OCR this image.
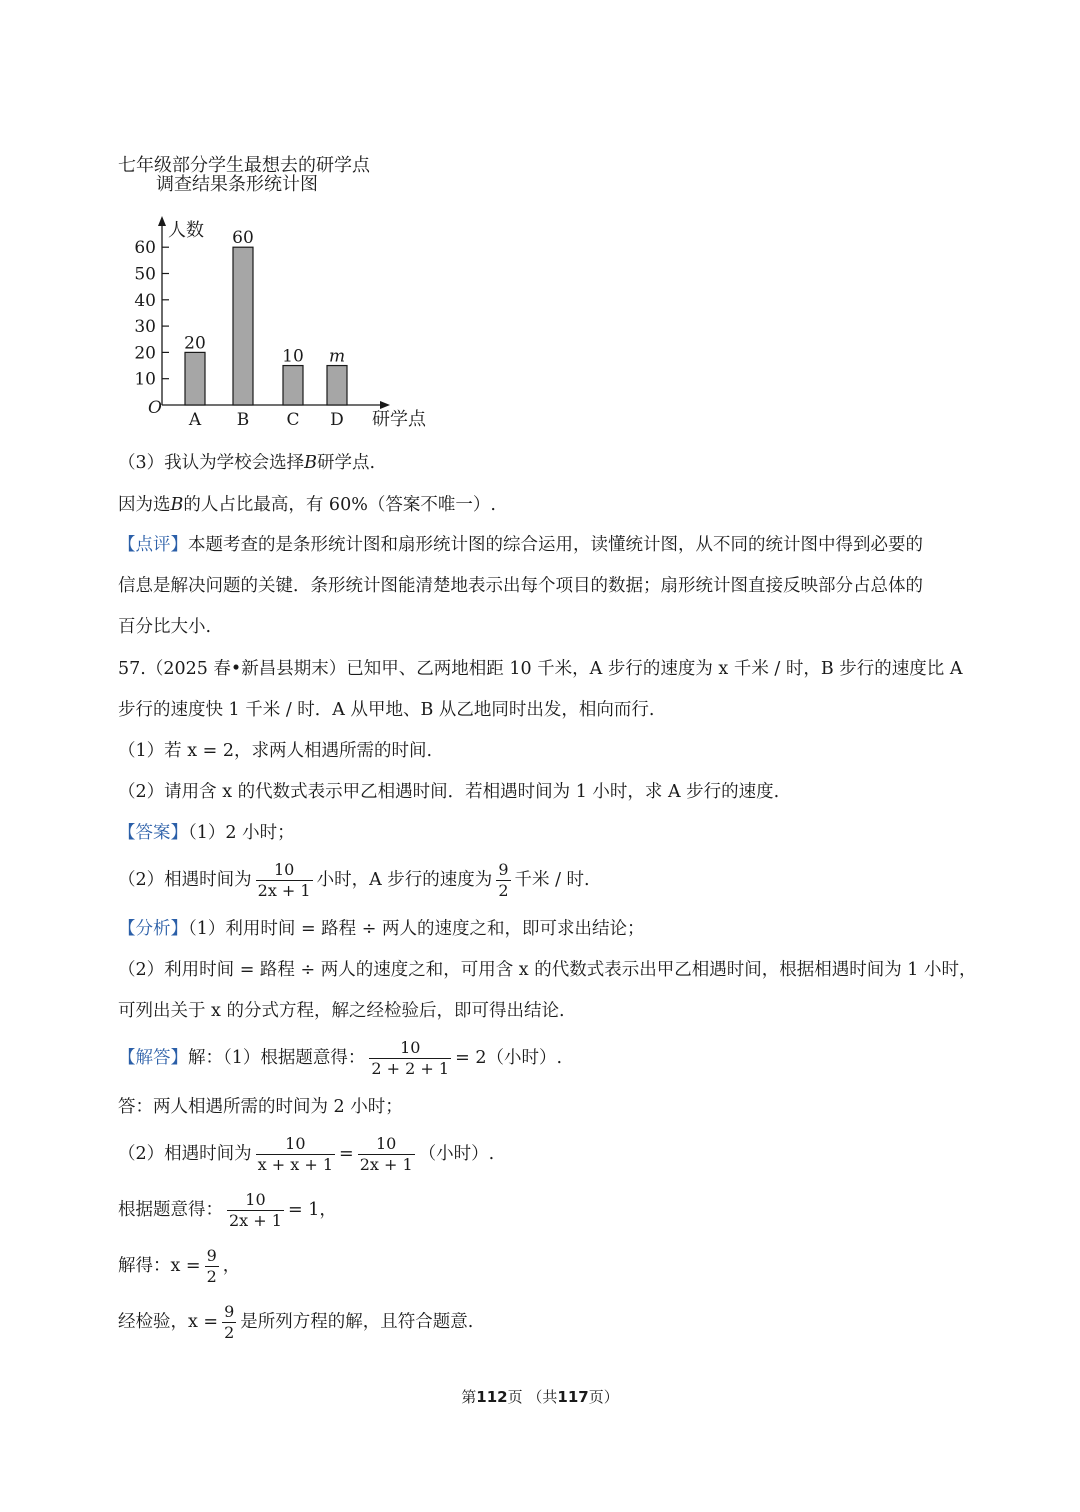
七年级部分学生最想去的研学点
调查结果条形统计图
人数
研学点
O
10
20
30
40
50
60
20
A
60
B
10
C
m
D
（3）我认为学校会选择B研学点.
因为选B的人占比最高，有 60%（答案不唯一）.
【点评】本题考查的是条形统计图和扇形统计图的综合运用，读懂统计图，从不同的统计图中得到必要的
信息是解决问题的关键．条形统计图能清楚地表示出每个项目的数据；扇形统计图直接反映部分占总体的
百分比大小.
57.（2025 春•新昌县期末）已知甲、乙两地相距 10 千米，A 步行的速度为 x 千米 / 时，B 步行的速度比 A
步行的速度快 1 千米 / 时．A 从甲地、B 从乙地同时出发，相向而行.
（1）若 x = 2，求两人相遇所需的时间.
（2）请用含 x 的代数式表示甲乙相遇时间．若相遇时间为 1 小时，求 A 步行的速度.
【答案】（1）2 小时；
（2）相遇时间为 $\frac{10}{2x + 1}$ 小时，A 步行的速度为 $\frac{9}{2}$ 千米 / 时.
【分析】（1）利用时间 = 路程 ÷ 两人的速度之和，即可求出结论；
（2）利用时间 = 路程 ÷ 两人的速度之和，可用含 x 的代数式表示出甲乙相遇时间，根据相遇时间为 1 小时，
可列出关于 x 的分式方程，解之经检验后，即可得出结论.
【解答】解：（1）根据题意得： $\frac{10}{2 + 2 + 1} = 2$（小时）.
答：两人相遇所需的时间为 2 小时；
（2）相遇时间为 $\frac{10}{x + x + 1} = \frac{10}{2x + 1}$ （小时）.
根据题意得： $\frac{10}{2x + 1} = 1$，
解得：$x = \frac{9}{2}$ ，
经检验，$x = \frac{9}{2}$ 是所列方程的解，且符合题意.
第112页 （共117页）
